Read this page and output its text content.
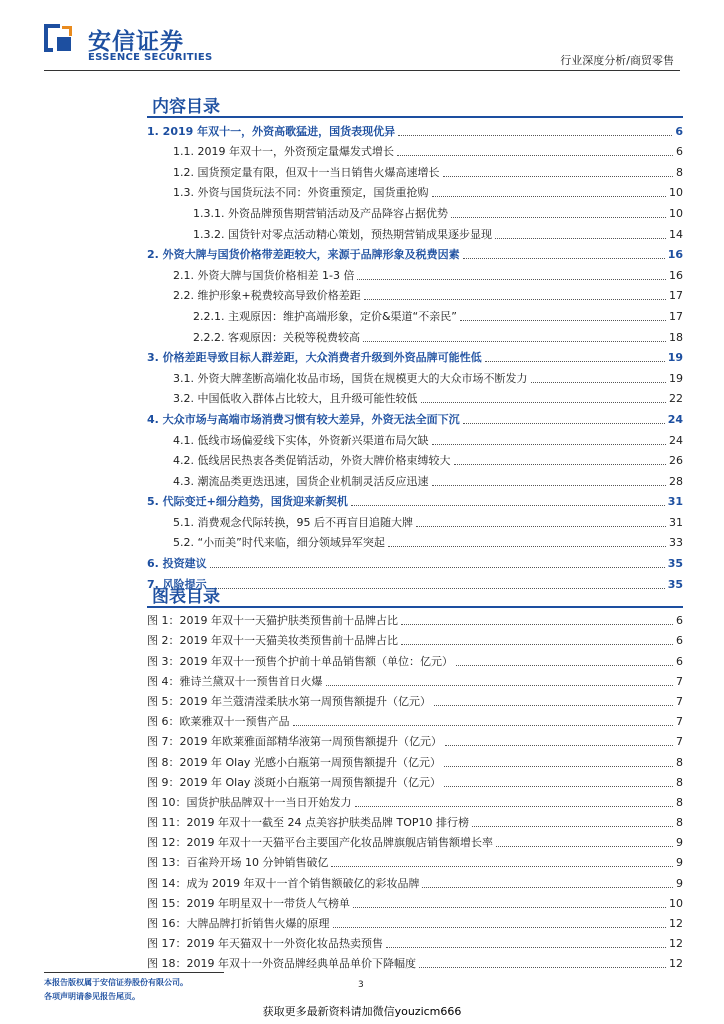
安信证券
ESSENCE SECURITIES	行业深度分析/商贸零售
内容目录
1. 2019 年双十一，外资高歌猛进，国货表现优异	6
1.1. 2019 年双十一，外资预定量爆发式增长	6
1.2. 国货预定量有限，但双十一当日销售火爆高速增长	8
1.3. 外资与国货玩法不同：外资重预定，国货重抢购	10
1.3.1. 外资品牌预售期营销活动及产品降容占据优势	10
1.3.2. 国货针对零点活动精心策划，预热期营销成果逐步显现	14
2. 外资大牌与国货价格带差距较大，来源于品牌形象及税费因素	16
2.1. 外资大牌与国货价格相差 1-3 倍	16
2.2. 维护形象+税费较高导致价格差距	17
2.2.1. 主观原因：维护高端形象，定价&渠道“不亲民”	17
2.2.2. 客观原因：关税等税费较高	18
3. 价格差距导致目标人群差距，大众消费者升级到外资品牌可能性低	19
3.1. 外资大牌垄断高端化妆品市场，国货在规模更大的大众市场不断发力	19
3.2. 中国低收入群体占比较大，且升级可能性较低	22
4. 大众市场与高端市场消费习惯有较大差异，外资无法全面下沉	24
4.1. 低线市场偏爱线下实体，外资新兴渠道布局欠缺	24
4.2. 低线居民热衷各类促销活动，外资大牌价格束缚较大	26
4.3. 潮流品类更迭迅速，国货企业机制灵活反应迅速	28
5. 代际变迁+细分趋势，国货迎来新契机	31
5.1. 消费观念代际转换，95 后不再盲目追随大牌	31
5.2. “小而美”时代来临，细分领域异军突起	33
6. 投资建议	35
7. 风险提示	35
图表目录
图 1：2019 年双十一天猫护肤类预售前十品牌占比	6
图 2：2019 年双十一天猫美妆类预售前十品牌占比	6
图 3：2019 年双十一预售个护前十单品销售额（单位：亿元）	6
图 4：雅诗兰黛双十一预售首日火爆	7
图 5：2019 年兰蔻清滢柔肤水第一周预售额提升（亿元）	7
图 6：欧莱雅双十一预售产品	7
图 7：2019 年欧莱雅面部精华液第一周预售额提升（亿元）	7
图 8：2019 年 Olay 光感小白瓶第一周预售额提升（亿元）	8
图 9：2019 年 Olay 淡斑小白瓶第一周预售额提升（亿元）	8
图 10：国货护肤品牌双十一当日开始发力	8
图 11：2019 年双十一截至 24 点美容护肤类品牌 TOP10 排行榜	8
图 12：2019 年双十一天猫平台主要国产化妆品牌旗舰店销售额增长率	9
图 13：百雀羚开场 10 分钟销售破亿	9
图 14：成为 2019 年双十一首个销售额破亿的彩妆品牌	9
图 15：2019 年明星双十一带货人气榜单	10
图 16：大牌品牌打折销售火爆的原理	12
图 17：2019 年天猫双十一外资化妆品热卖预售	12
图 18：2019 年双十一外资品牌经典单品单价下降幅度	12
本报告版权属于安信证券股份有限公司。
各项声明请参见报告尾页。
3
获取更多最新资料请加微信youzicm666
